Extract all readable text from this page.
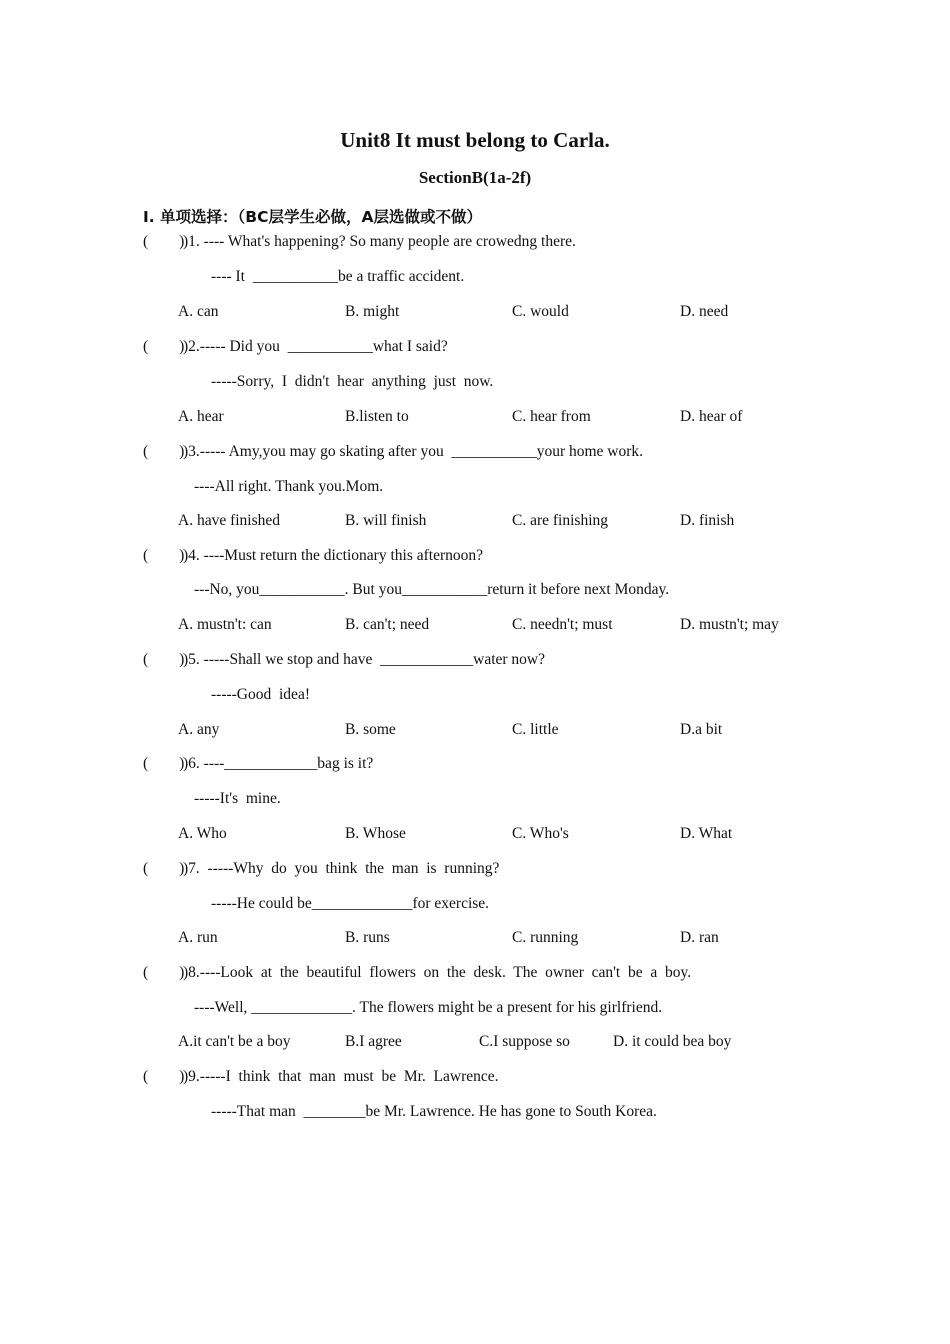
Unit8 It must belong to Carla.
SectionB(1a-2f)
I. 单项选择：（BC层学生必做，A层选做或不做）
(        )
)1. ---- What's happening? So many people are crowedng there.
---- It  ___________be a traffic accident.
A. can	B. might	C. would	D. need
(        )
)2.----- Did you  ___________what I said?
-----Sorry,  I  didn't  hear  anything  just  now.
A. hear	B.listen to	C. hear from	D. hear of
(        )
)3.----- Amy,you may go skating after you  ___________your home work.
----All right. Thank you.Mom.
A. have finished	B. will finish	C. are finishing	D. finish
(        )
)4. ----Must return the dictionary this afternoon?
---No, you___________. But you___________return it before next Monday.
A. mustn't: can	B. can't; need	C. needn't; must	D. mustn't; may
(        )
)5. -----Shall we stop and have  ____________water now?
-----Good  idea!
A. any	B. some	C. little	D.a bit
(        )
)6. ----____________bag is it?
-----It's  mine.
A. Who	B. Whose	C. Who's	D. What
(        )
)7.  -----Why  do  you  think  the  man  is  running?
-----He could be_____________for exercise.
A. run	B. runs	C. running	D. ran
(        )
)8.----Look  at  the  beautiful  flowers  on  the  desk.  The  owner  can't  be  a  boy.
----Well, _____________. The flowers might be a present for his girlfriend.
A.it can't be a boy	B.I agree	C.I suppose so	D. it could bea boy
(        )
)9.-----I  think  that  man  must  be  Mr.  Lawrence.
-----That man  ________be Mr. Lawrence. He has gone to South Korea.
